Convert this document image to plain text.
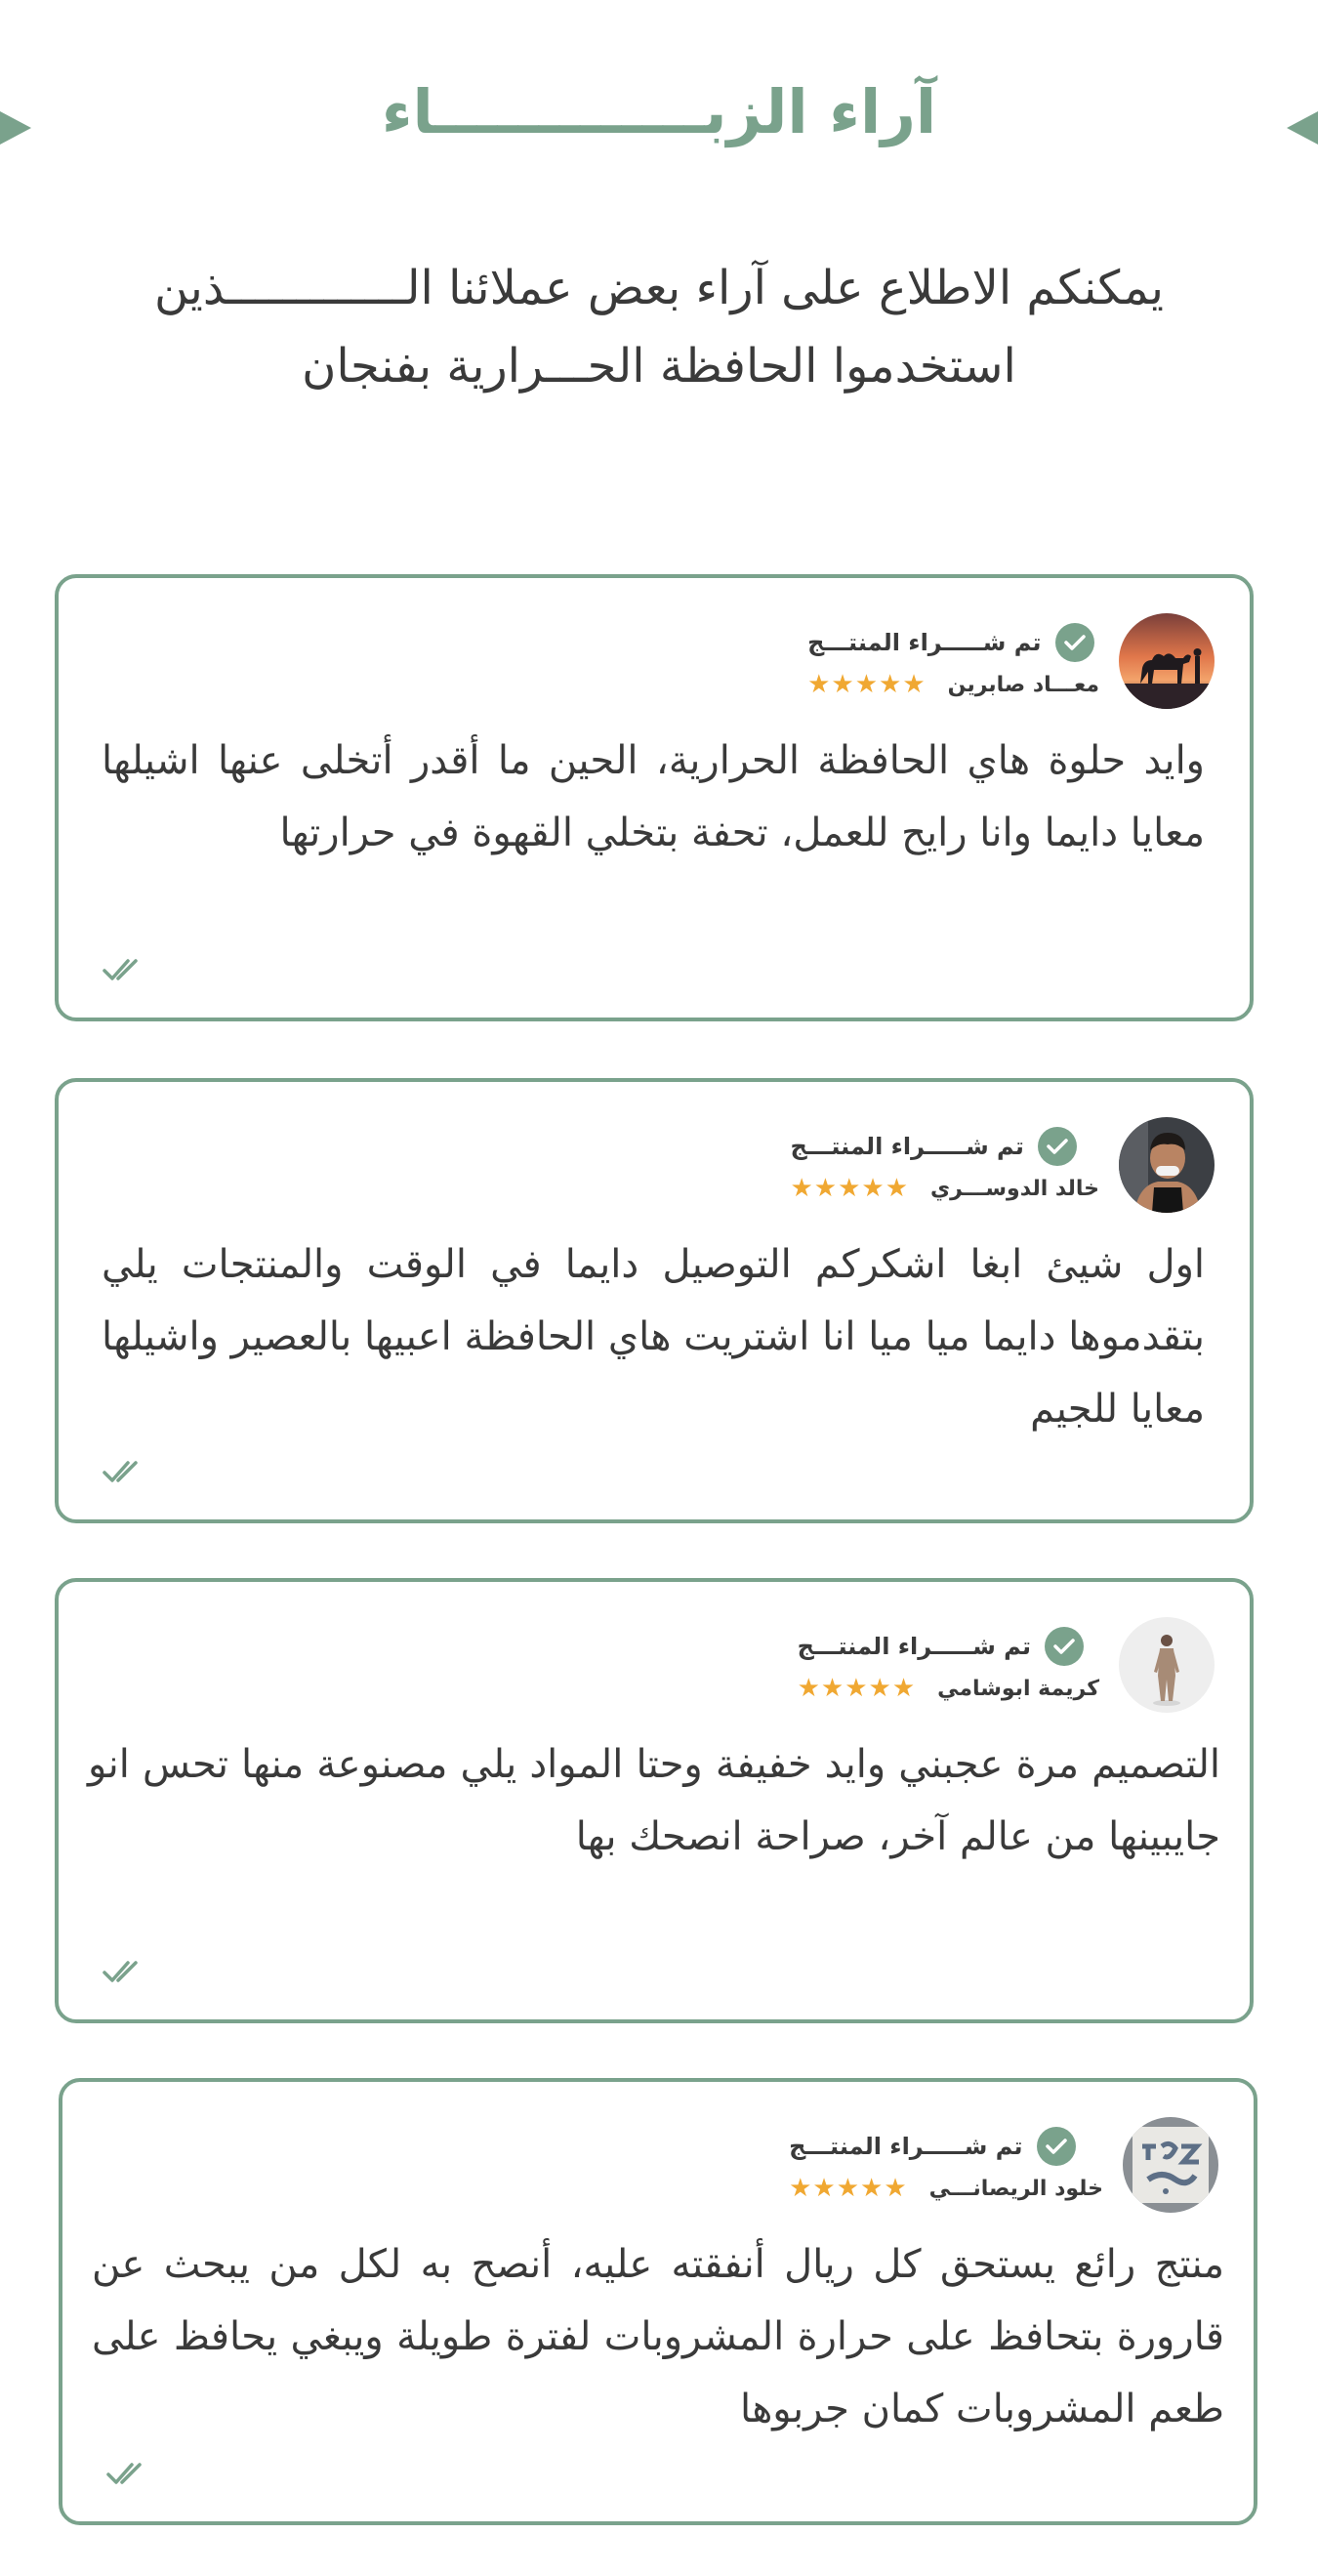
آراء الزبـــــــــــــاء

يمكنكم الاطلاع على آراء بعض عملائنا الـــــــــــــذين استخدموا الحافظة الحـــرارية بفنجان

تم شـــــراء المنتـــج
★★★★★ معـــاد صابرين

وايد حلوة هاي الحافظة الحرارية، الحين ما أقدر أتخلى عنها اشيلها معايا دايما وانا رايح للعمل، تحفة بتخلي القهوة في حرارتها

تم شـــــراء المنتـــج
★★★★★ خالد الدوســـري

اول شيئ ابغا اشكركم التوصيل دايما في الوقت والمنتجات يلي بتقدموها دايما ميا ميا انا اشتريت هاي الحافظة اعبيها بالعصير واشيلها معايا للجيم

تم شـــــراء المنتـــج
★★★★★ كريمة ابوشامي

التصميم مرة عجبني وايد خفيفة وحتا المواد يلي مصنوعة منها تحس انو جايبينها من عالم آخر، صراحة انصحك بها

تم شـــــراء المنتـــج
★★★★★ خلود الريصانـــي

منتج رائع يستحق كل ريال أنفقته عليه، أنصح به لكل من يبحث عن قارورة بتحافظ على حرارة المشروبات لفترة طويلة ويبغي يحافظ على طعم المشروبات كمان جربوها
